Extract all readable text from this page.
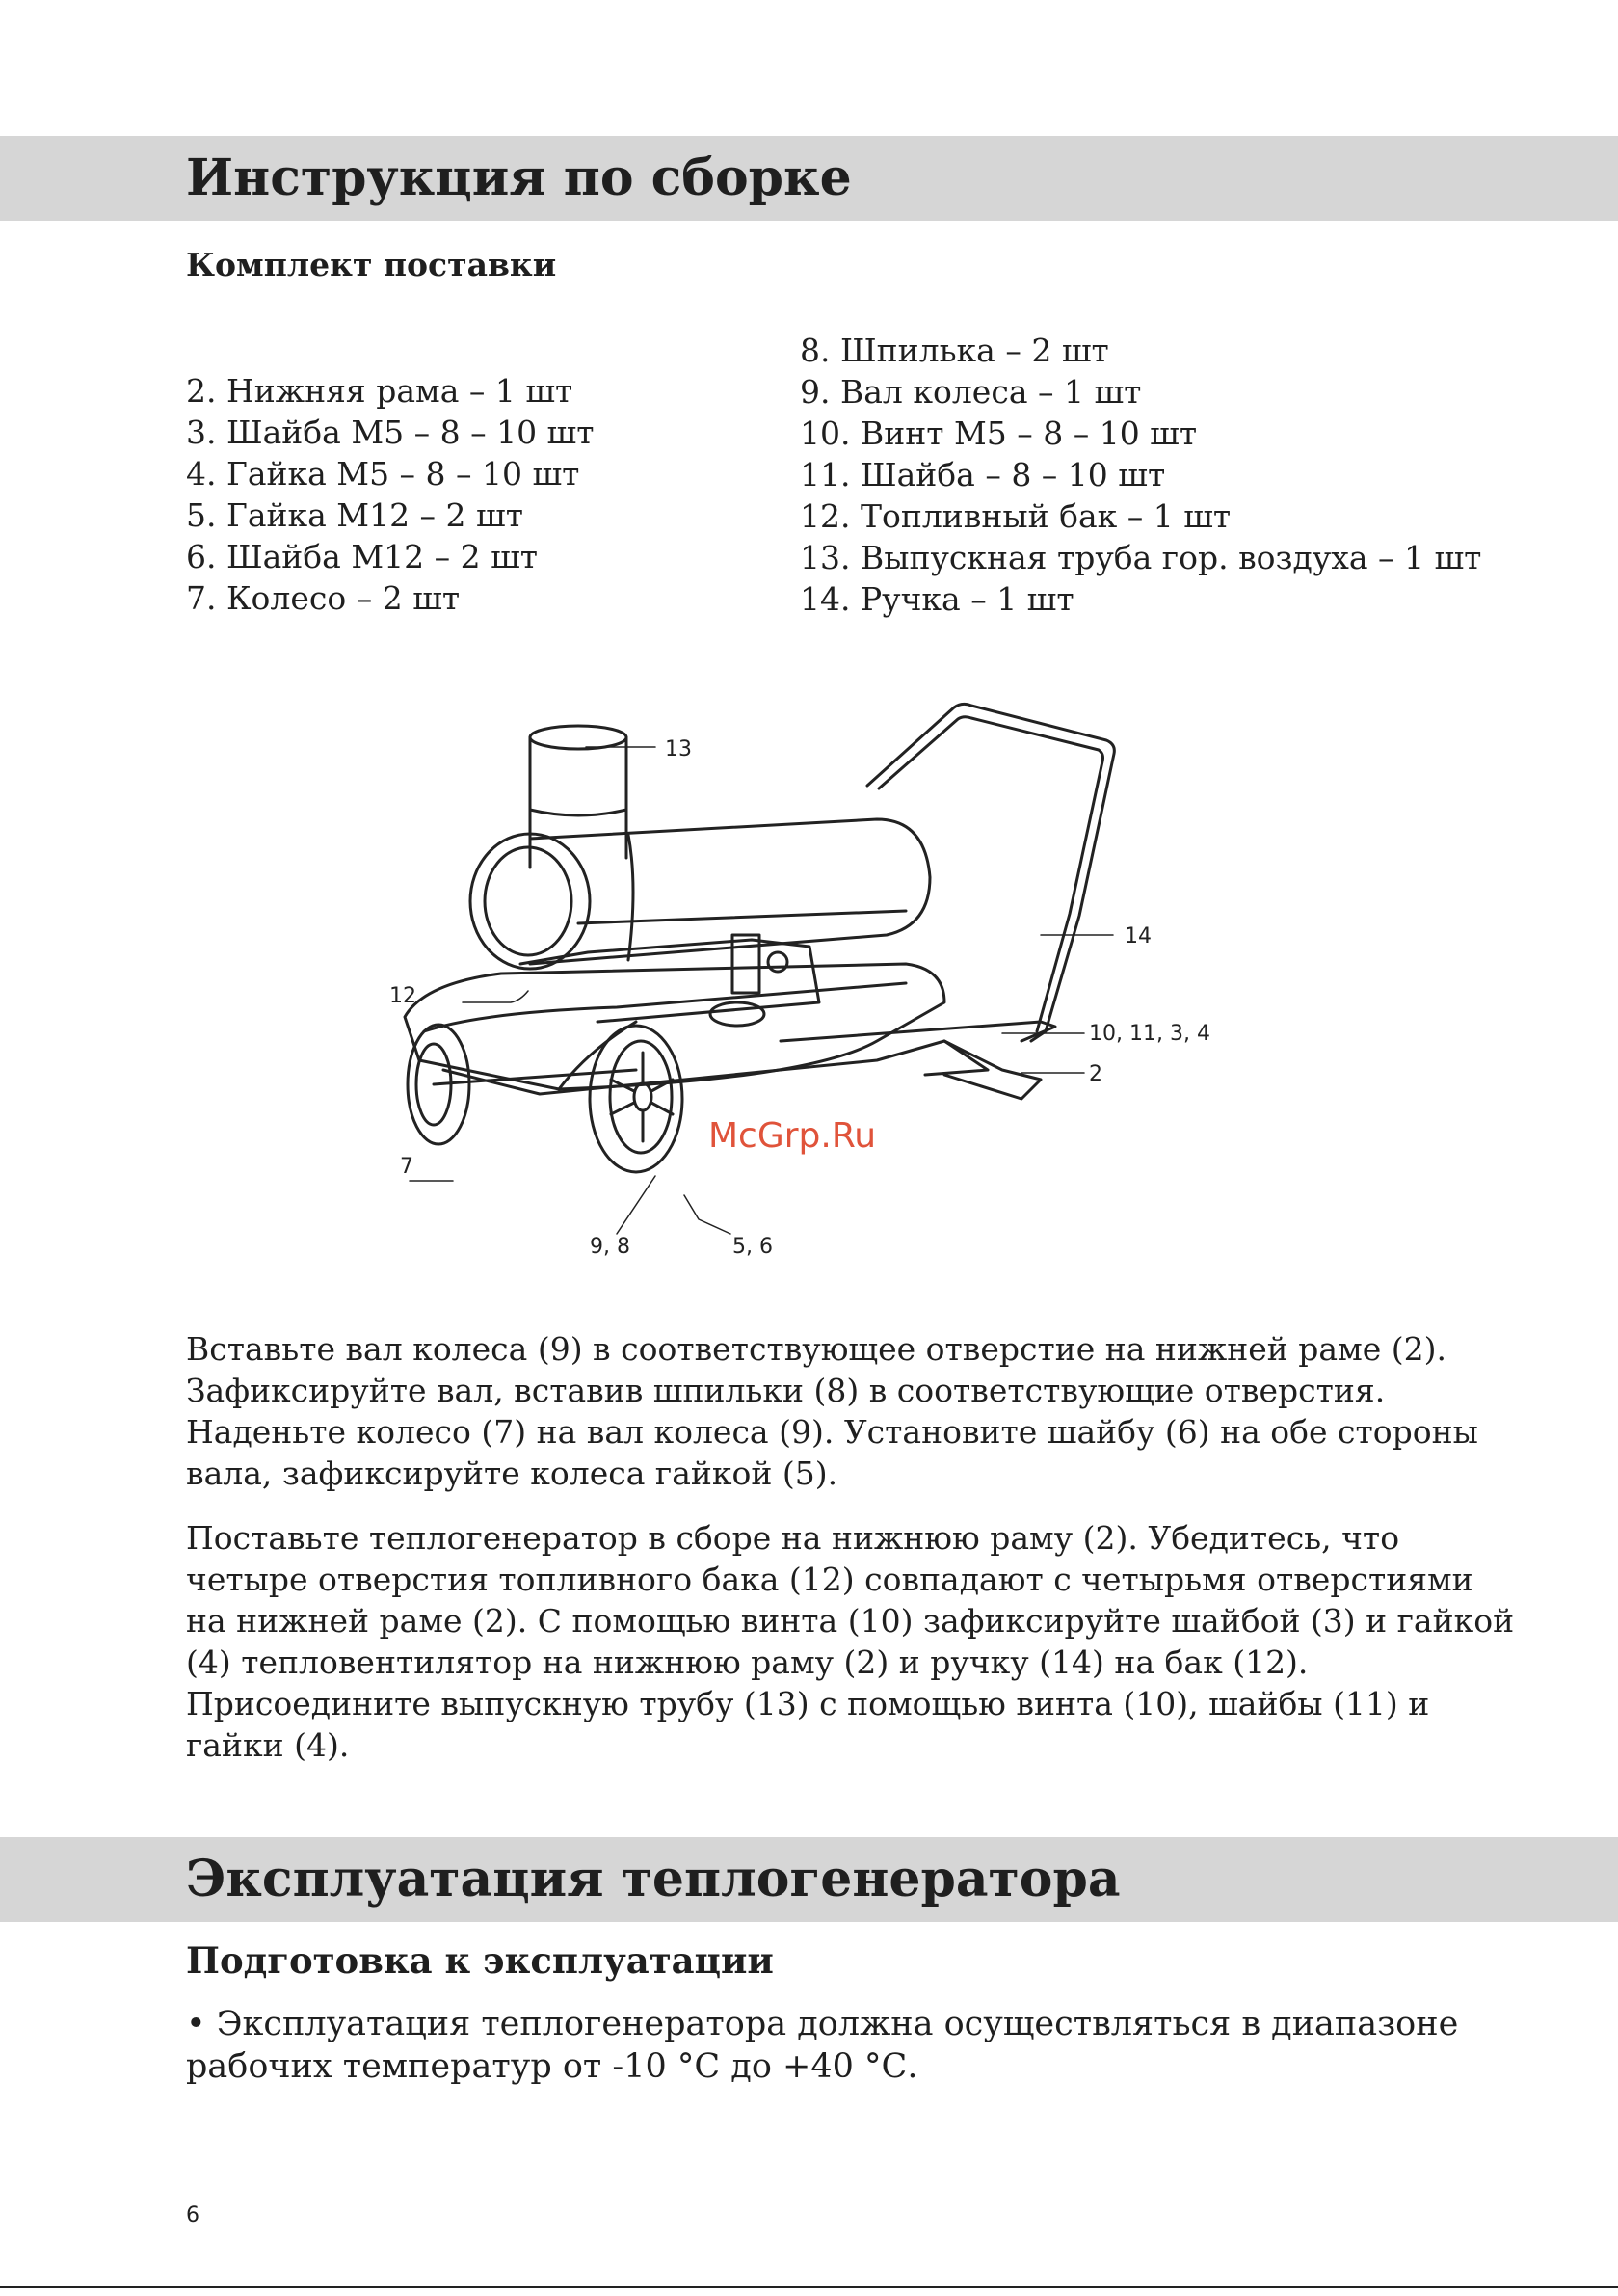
Инструкция по сборке
Комплект поставки
2. Нижняя рама – 1 шт
3. Шайба М5 – 8 – 10 шт
4. Гайка М5 – 8 – 10 шт
5. Гайка М12 – 2 шт
6. Шайба М12 – 2 шт
7. Колесо – 2 шт
8. Шпилька – 2 шт
9. Вал колеса – 1 шт
10. Винт М5 – 8 – 10 шт
11. Шайба – 8 – 10 шт
12. Топливный бак – 1 шт
13. Выпускная труба гор. воздуха – 1 шт
14. Ручка – 1 шт
13
14
12
10, 11, 3, 4
2
7
9, 8	5, 6
McGrp.Ru

Вставьте вал колеса (9) в соответствующее отверстие на нижней раме (2). Зафиксируйте вал, вставив шпильки (8) в соответствующие отверстия. Наденьте колесо (7) на вал колеса (9). Установите шайбу (6) на обе стороны вала, зафиксируйте колеса гайкой (5).

Поставьте теплогенератор в сборе на нижнюю раму (2). Убедитесь, что четыре отверстия топливного бака (12) совпадают с четырьмя отверстиями на нижней раме (2). С помощью винта (10) зафиксируйте шайбой (3) и гайкой (4) тепловентилятор на нижнюю раму (2) и ручку (14) на бак (12). Присоедините выпускную трубу (13) с помощью винта (10), шайбы (11) и гайки (4).

Эксплуатация теплогенератора
Подготовка к эксплуатации

• Эксплуатация теплогенератора должна осуществляться в диапазоне рабочих температур от -10 °С до +40 °С.

6
